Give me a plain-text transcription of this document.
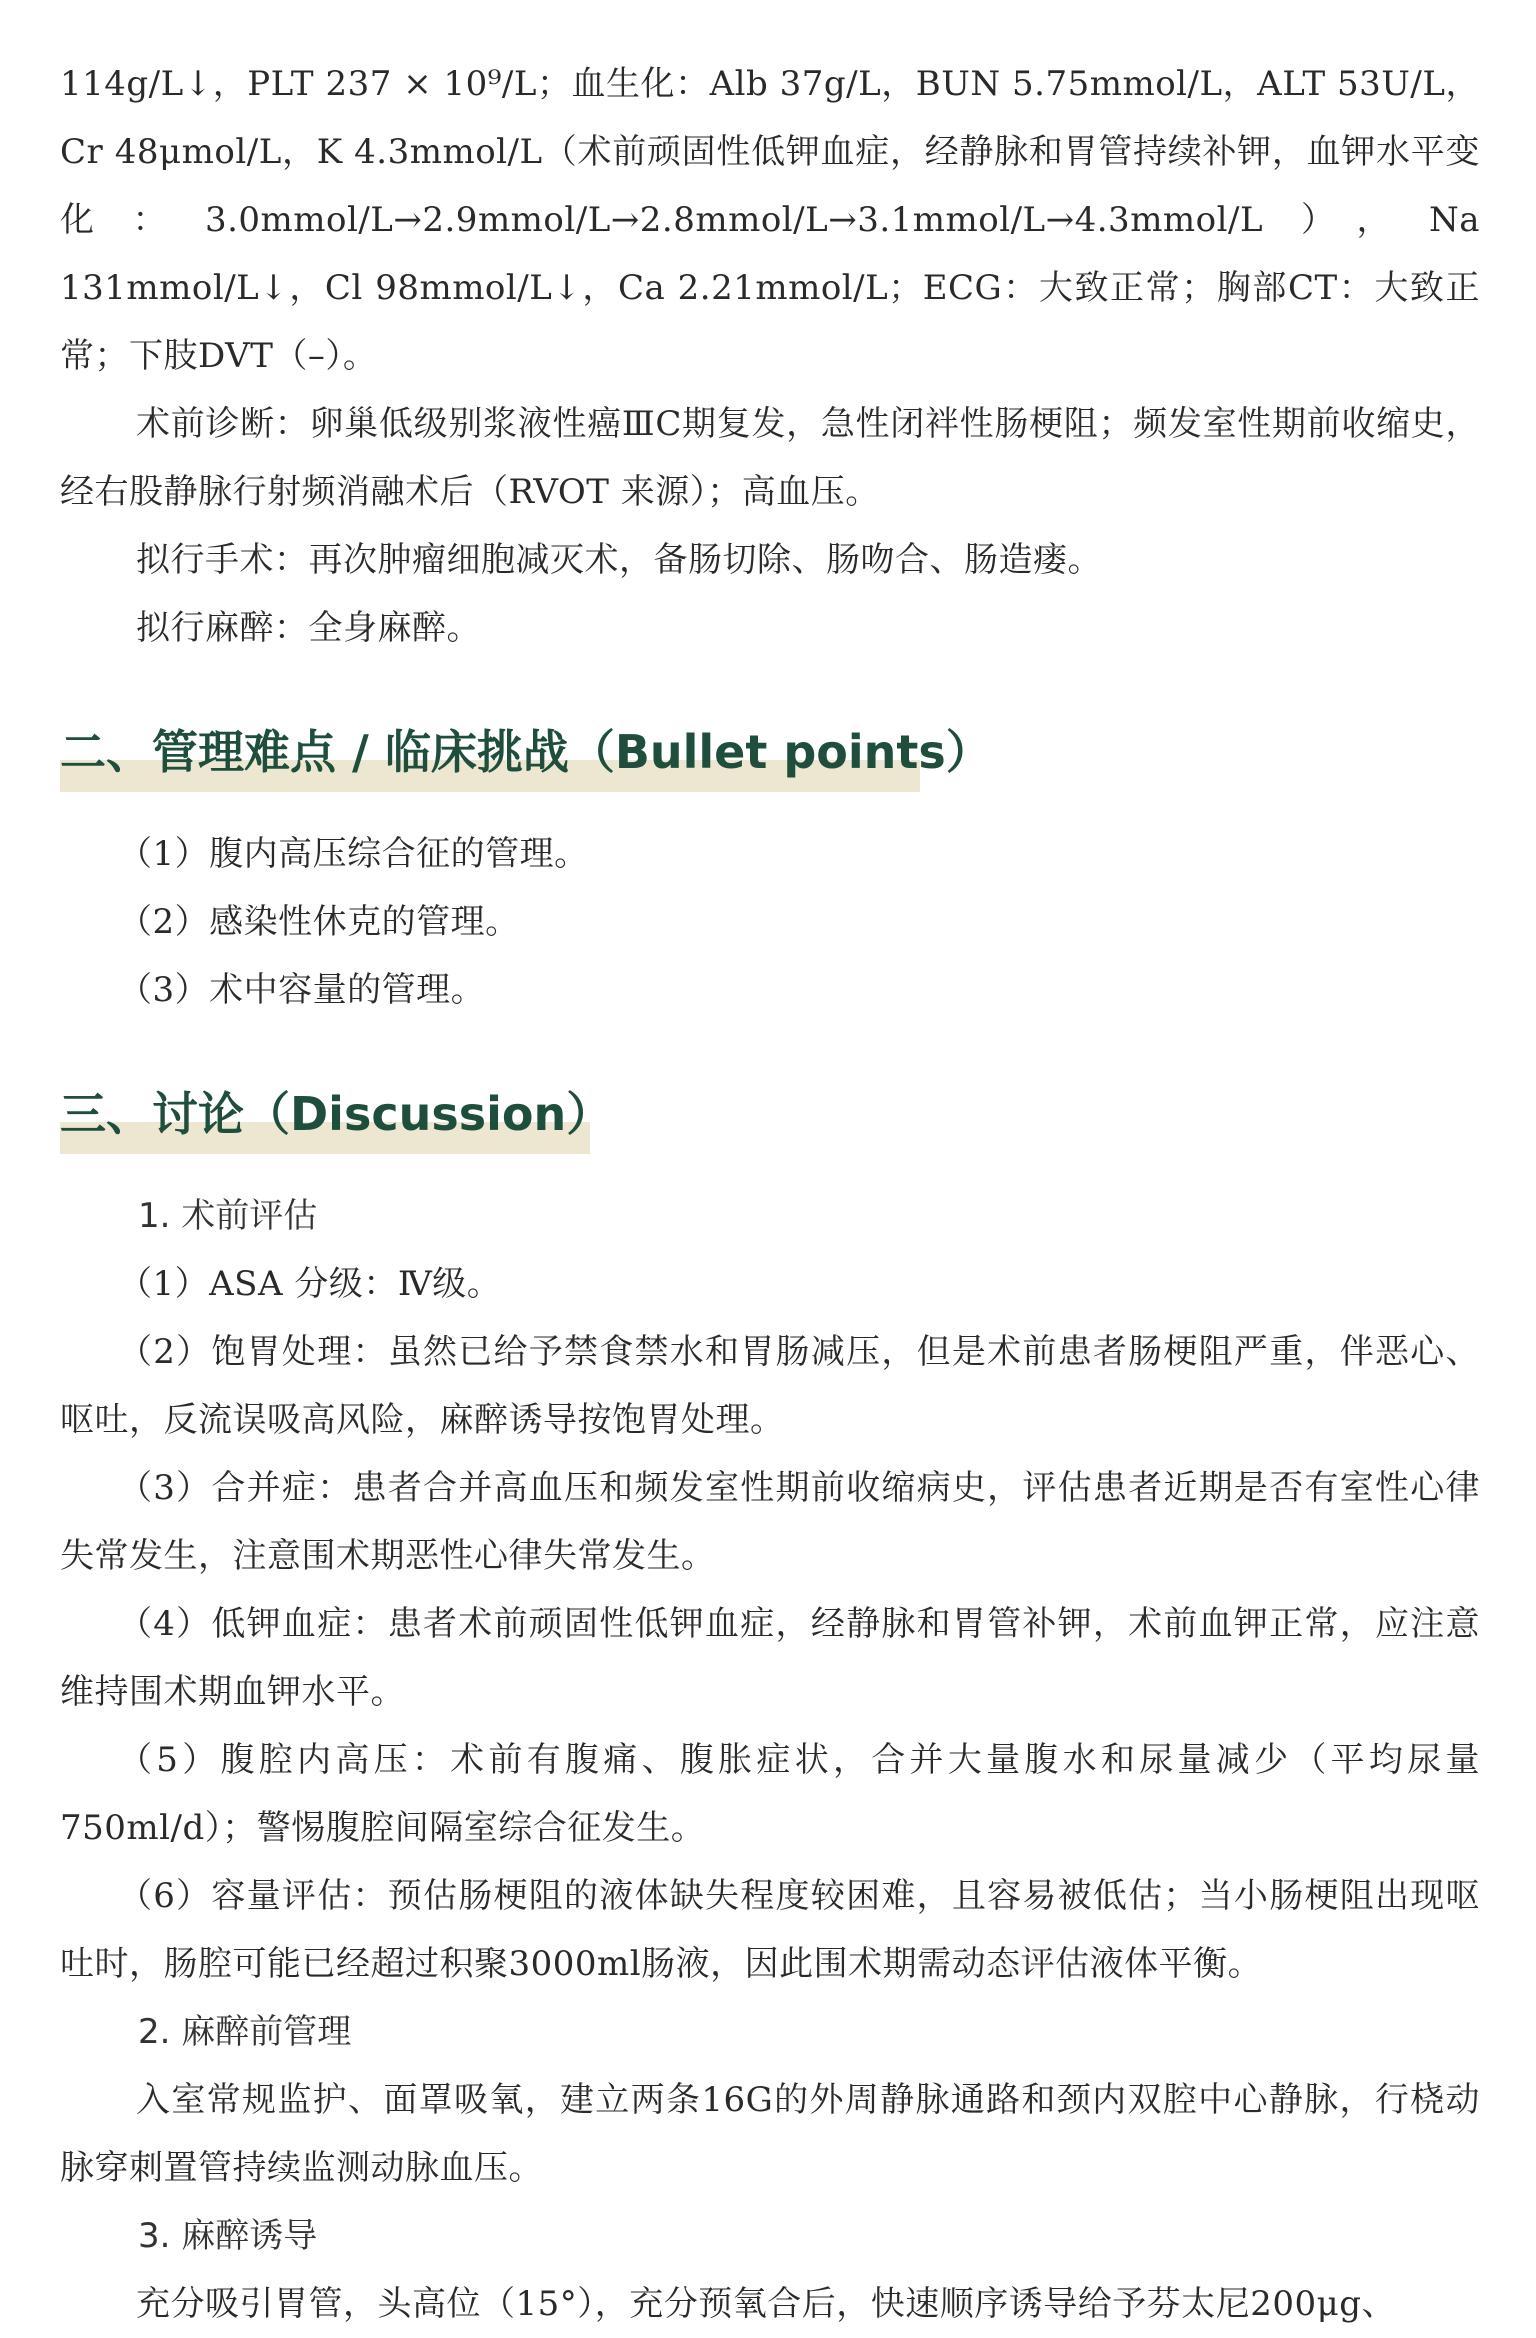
114g/L↓，PLT 237 × 10⁹/L；血生化：Alb 37g/L，BUN 5.75mmol/L，ALT 53U/L，Cr 48μmol/L，K 4.3mmol/L（术前顽固性低钾血症，经静脉和胃管持续补钾，血钾水平变化：3.0mmol/L→2.9mmol/L→2.8mmol/L→3.1mmol/L→4.3mmol/L），Na 131mmol/L↓，Cl 98mmol/L↓，Ca 2.21mmol/L；ECG：大致正常；胸部CT：大致正常；下肢DVT（–）。

术前诊断：卵巢低级别浆液性癌ⅢC期复发，急性闭袢性肠梗阻；频发室性期前收缩史，经右股静脉行射频消融术后（RVOT 来源）；高血压。

拟行手术：再次肿瘤细胞减灭术，备肠切除、肠吻合、肠造瘘。

拟行麻醉：全身麻醉。

二、管理难点 / 临床挑战（Bullet points）

（1）腹内高压综合征的管理。

（2）感染性休克的管理。

（3）术中容量的管理。

三、讨论（Discussion）

1. 术前评估

（1）ASA 分级：Ⅳ级。

（2）饱胃处理：虽然已给予禁食禁水和胃肠减压，但是术前患者肠梗阻严重，伴恶心、呕吐，反流误吸高风险，麻醉诱导按饱胃处理。

（3）合并症：患者合并高血压和频发室性期前收缩病史，评估患者近期是否有室性心律失常发生，注意围术期恶性心律失常发生。

（4）低钾血症：患者术前顽固性低钾血症，经静脉和胃管补钾，术前血钾正常，应注意维持围术期血钾水平。

（5）腹腔内高压：术前有腹痛、腹胀症状，合并大量腹水和尿量减少（平均尿量750ml/d）；警惕腹腔间隔室综合征发生。

（6）容量评估：预估肠梗阻的液体缺失程度较困难，且容易被低估；当小肠梗阻出现呕吐时，肠腔可能已经超过积聚3000ml肠液，因此围术期需动态评估液体平衡。

2. 麻醉前管理

入室常规监护、面罩吸氧，建立两条16G的外周静脉通路和颈内双腔中心静脉，行桡动脉穿刺置管持续监测动脉血压。

3. 麻醉诱导

充分吸引胃管，头高位（15°），充分预氧合后，快速顺序诱导给予芬太尼200μg、
